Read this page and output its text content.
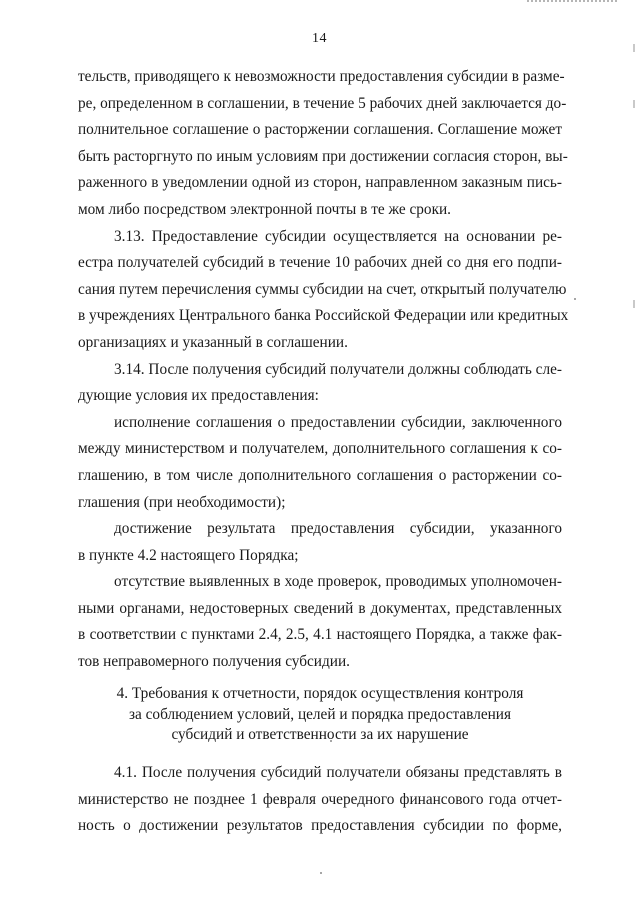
14
тельств, приводящего к невозможности предоставления субсидии в разме-
ре, определенном в соглашении, в течение 5 рабочих дней заключается до-
полнительное соглашение о расторжении соглашения. Соглашение может
быть расторгнуто по иным условиям при достижении согласия сторон, вы-
раженного в уведомлении одной из сторон, направленном заказным пись-
мом либо посредством электронной почты в те же сроки.
3.13. Предоставление субсидии осуществляется на основании ре-
естра получателей субсидий в течение 10 рабочих дней со дня его подпи-
сания путем перечисления суммы субсидии на счет, открытый получателю
в учреждениях Центрального банка Российской Федерации или кредитных
организациях и указанный в соглашении.
3.14. После получения субсидий получатели должны соблюдать сле-
дующие условия их предоставления:
исполнение соглашения о предоставлении субсидии, заключенного
между министерством и получателем, дополнительного соглашения к со-
глашению, в том числе дополнительного соглашения о расторжении со-
глашения (при необходимости);
достижение результата предоставления субсидии, указанного
в пункте 4.2 настоящего Порядка;
отсутствие выявленных в ходе проверок, проводимых уполномочен-
ными органами, недостоверных сведений в документах, представленных
в соответствии с пунктами 2.4, 2.5, 4.1 настоящего Порядка, а также фак-
тов неправомерного получения субсидии.
4. Требования к отчетности, порядок осуществления контроля
за соблюдением условий, целей и порядка предоставления
субсидий и ответственности за их нарушение
4.1. После получения субсидий получатели обязаны представлять в
министерство не позднее 1 февраля очередного финансового года отчет-
ность о достижении результатов предоставления субсидии по форме,
